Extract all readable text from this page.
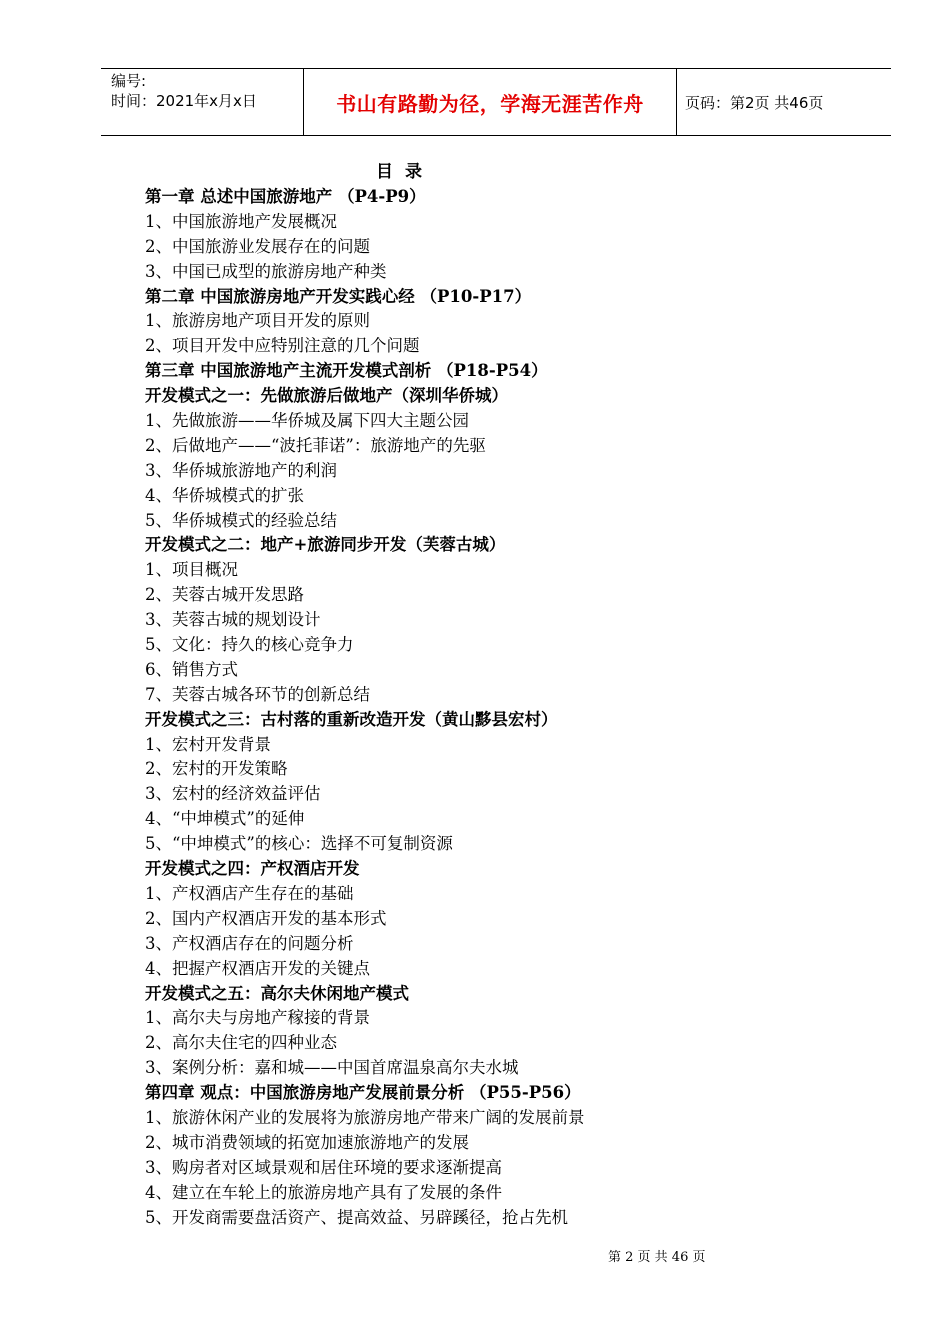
编号:
时间：2021年x月x日	书山有路勤为径，学海无涯苦作舟	页码：第2页 共46页
目录
第一章 总述中国旅游地产 （P4-P9）
1、中国旅游地产发展概况
2、中国旅游业发展存在的问题
3、中国已成型的旅游房地产种类
第二章 中国旅游房地产开发实践心经 （P10-P17）
1、旅游房地产项目开发的原则
2、项目开发中应特别注意的几个问题
第三章 中国旅游地产主流开发模式剖析 （P18-P54）
开发模式之一：先做旅游后做地产（深圳华侨城）
1、先做旅游——华侨城及属下四大主题公园
2、后做地产——“波托菲诺”：旅游地产的先驱
3、华侨城旅游地产的利润
4、华侨城模式的扩张
5、华侨城模式的经验总结
开发模式之二：地产+旅游同步开发（芙蓉古城）
1、项目概况
2、芙蓉古城开发思路
3、芙蓉古城的规划设计
5、文化：持久的核心竞争力
6、销售方式
7、芙蓉古城各环节的创新总结
开发模式之三：古村落的重新改造开发（黄山黟县宏村）
1、宏村开发背景
2、宏村的开发策略
3、宏村的经济效益评估
4、“中坤模式”的延伸
5、“中坤模式”的核心：选择不可复制资源
开发模式之四：产权酒店开发
1、产权酒店产生存在的基础
2、国内产权酒店开发的基本形式
3、产权酒店存在的问题分析
4、把握产权酒店开发的关键点
开发模式之五：高尔夫休闲地产模式
1、高尔夫与房地产稼接的背景
2、高尔夫住宅的四种业态
3、案例分析：嘉和城——中国首席温泉高尔夫水城
第四章 观点：中国旅游房地产发展前景分析 （P55-P56）
1、旅游休闲产业的发展将为旅游房地产带来广阔的发展前景
2、城市消费领域的拓宽加速旅游地产的发展
3、购房者对区域景观和居住环境的要求逐渐提高
4、建立在车轮上的旅游房地产具有了发展的条件
5、开发商需要盘活资产、提高效益、另辟蹊径，抢占先机
第 2 页 共 46 页
